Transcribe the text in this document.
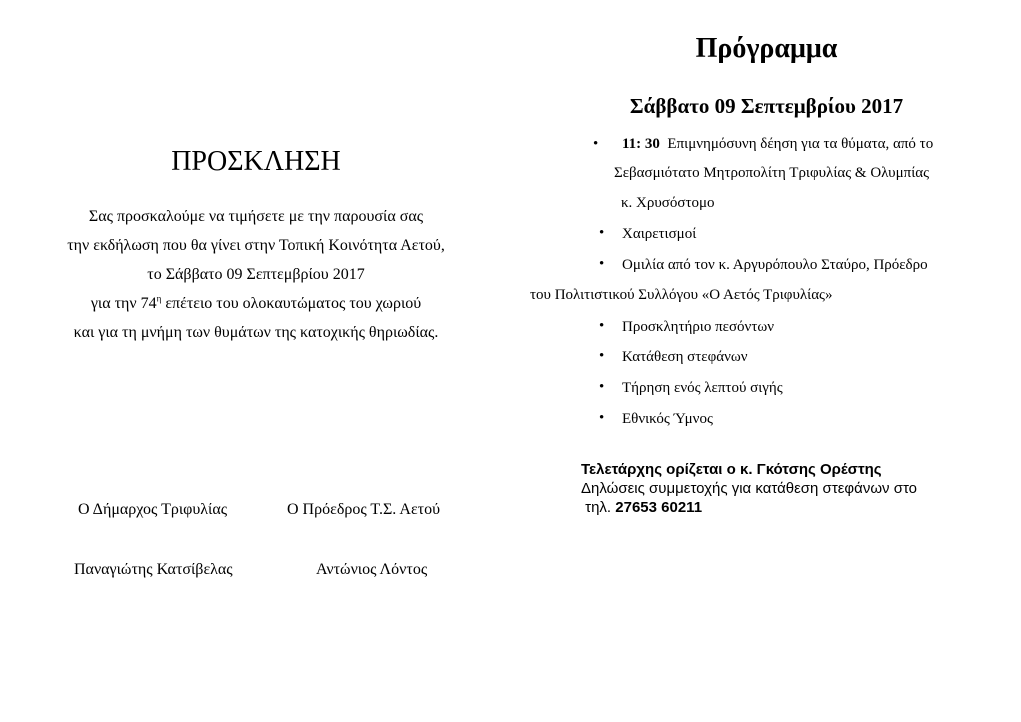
ΠΡΟΣΚΛΗΣΗ
Σας προσκαλούμε να τιμήσετε με την παρουσία σας
την εκδήλωση που θα γίνει στην Τοπική Κοινότητα Αετού,
το Σάββατο 09 Σεπτεμβρίου 2017
για την $74^\eta$ επέτειο του ολοκαυτώματος του χωριού
και για τη μνήμη των θυμάτων της κατοχικής θηριωδίας.
Ο Δήμαρχος Τριφυλίας	Ο Πρόεδρος Τ.Σ. Αετού
Παναγιώτης Κατσίβελας	Αντώνιος Λόντος
Πρόγραμμα
Σάββατο 09 Σεπτεμβρίου 2017
• 11: 30  Επιμνημόσυνη δέηση για τα θύματα, από το
Σεβασμιότατο Μητροπολίτη Τριφυλίας & Ολυμπίας
κ. Χρυσόστομο
• Χαιρετισμοί
• Ομιλία από τον κ. Αργυρόπουλο Σταύρο, Πρόεδρο
του Πολιτιστικού Συλλόγου «Ο Αετός Τριφυλίας»
• Προσκλητήριο πεσόντων
• Κατάθεση στεφάνων
• Τήρηση ενός λεπτού σιγής
• Εθνικός Ύμνος
Τελετάρχης ορίζεται ο κ. Γκότσης Ορέστης
Δηλώσεις συμμετοχής για κατάθεση στεφάνων στο
τηλ. 27653 60211
